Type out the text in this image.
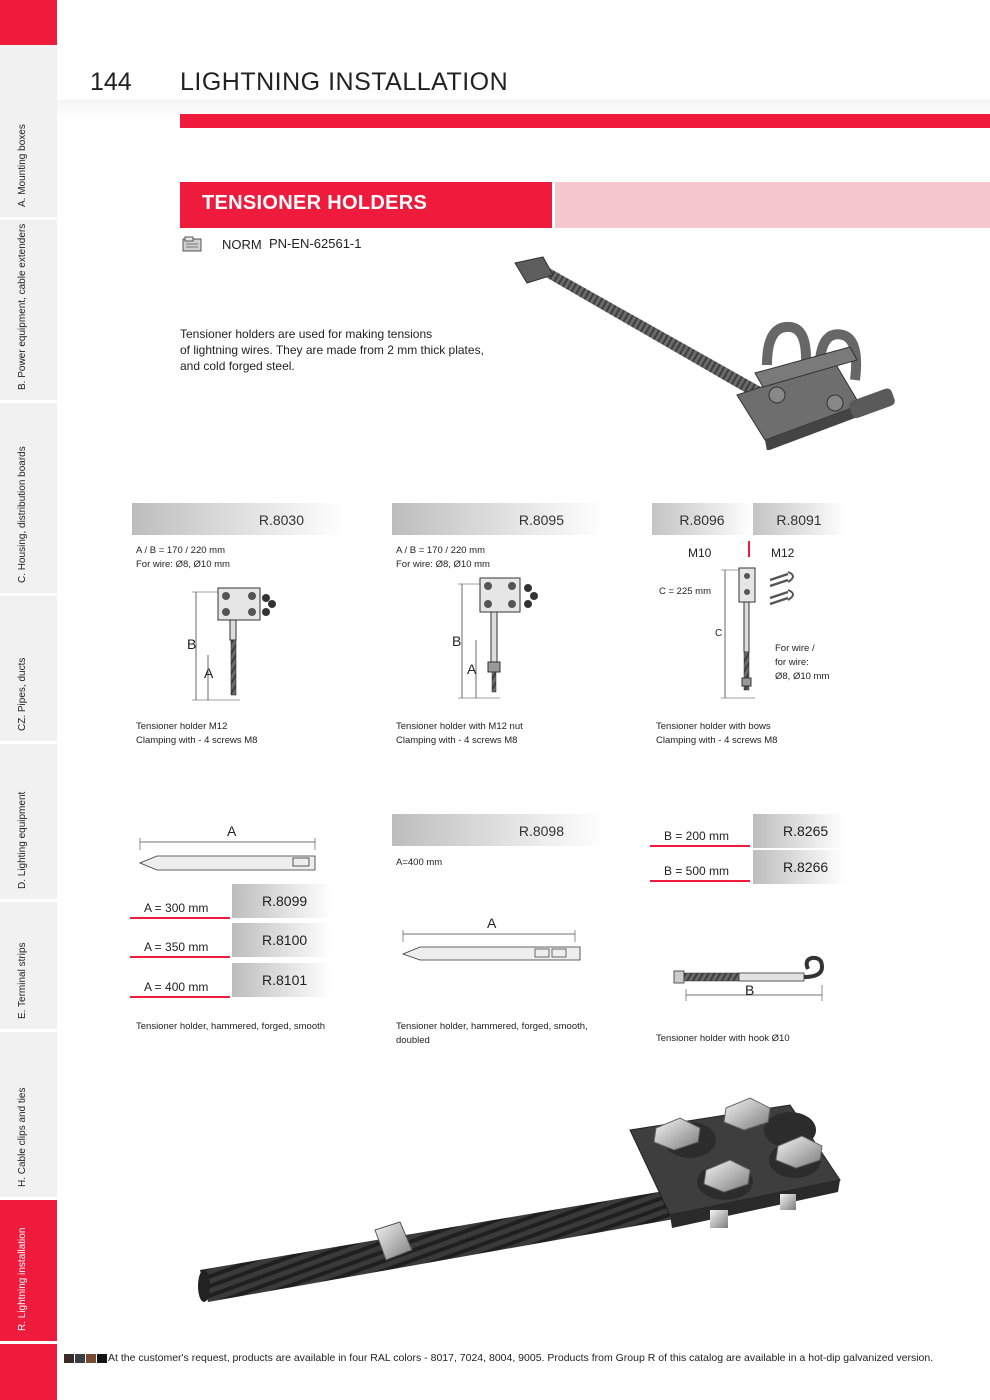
A. Mounting boxes
B. Power equipment, cable extenders
C. Housing, distribution boards
CZ. Pipes, ducts
D. Lighting equipment
E. Terminal strips
H. Cable clips and ties
R. Lightning installation
144 LIGHTNING INSTALLATION
TENSIONER HOLDERS
NORM PN-EN-62561-1
Tensioner holders are used for making tensions
of lightning wires. They are made from 2 mm thick plates,
and cold forged steel.
R.8030
A / B = 170 / 220 mm
For wire: Ø8, Ø10 mm
B
A
Tensioner holder M12
Clamping with - 4 screws M8
R.8095
A / B = 170 / 220 mm
For wire: Ø8, Ø10 mm
B
A
Tensioner holder with M12 nut
Clamping with - 4 screws M8
R.8096	R.8091
M10	M12
C = 225 mm
C
For wire /
for wire:
Ø8, Ø10 mm
Tensioner holder with bows
Clamping with - 4 screws M8
A
A = 300 mm	R.8099
A = 350 mm	R.8100
A = 400 mm	R.8101
Tensioner holder, hammered, forged, smooth
R.8098
A=400 mm
A
Tensioner holder, hammered, forged, smooth,
doubled
B = 200 mm	R.8265
B = 500 mm	R.8266
B
Tensioner holder with hook Ø10
At the customer's request, products are available in four RAL colors - 8017, 7024, 8004, 9005. Products from Group R of this catalog are available in a hot-dip galvanized version.
